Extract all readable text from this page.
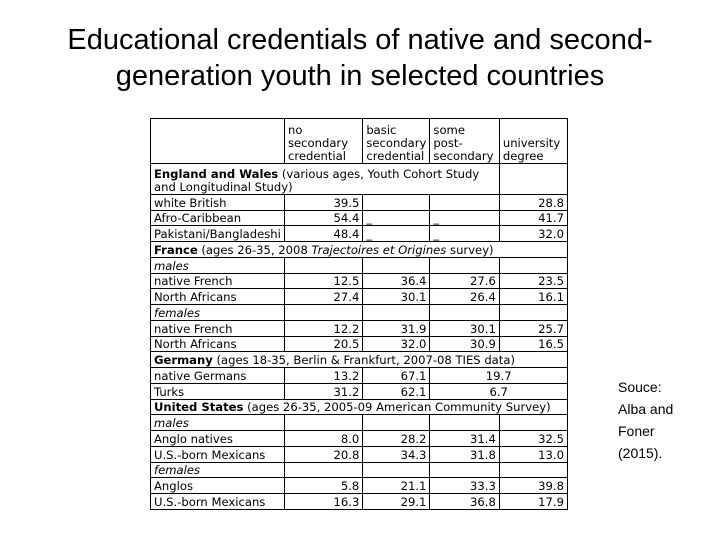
Educational credentials of native and second-
generation youth in selected countries

	no
secondary
credential	basic
secondary
credential	some
post-
secondary	university
degree

England and Wales (various ages, Youth Cohort Study and Longitudinal Study)				
white British	39.5			28.8
Afro-Caribbean	54.4	_	_	41.7
Pakistani/Bangladeshi	48.4	_	_	32.0
France (ages 26-35, 2008 Trajectoires et Origines survey)				
males				
native French	12.5	36.4	27.6	23.5
North Africans	27.4	30.1	26.4	16.1
females				
native French	12.2	31.9	30.1	25.7
North Africans	20.5	32.0	30.9	16.5
Germany (ages 18-35, Berlin & Frankfurt, 2007-08 TIES data)				
native Germans	13.2	67.1	19.7	
Turks	31.2	62.1	6.7	
United States (ages 26-35, 2005-09 American Community Survey)				
males				
Anglo natives	8.0	28.2	31.4	32.5
U.S.-born Mexicans	20.8	34.3	31.8	13.0
females				
Anglos	5.8	21.1	33.3	39.8
U.S.-born Mexicans	16.3	29.1	36.8	17.9
Souce:
Alba and
Foner
(2015).
